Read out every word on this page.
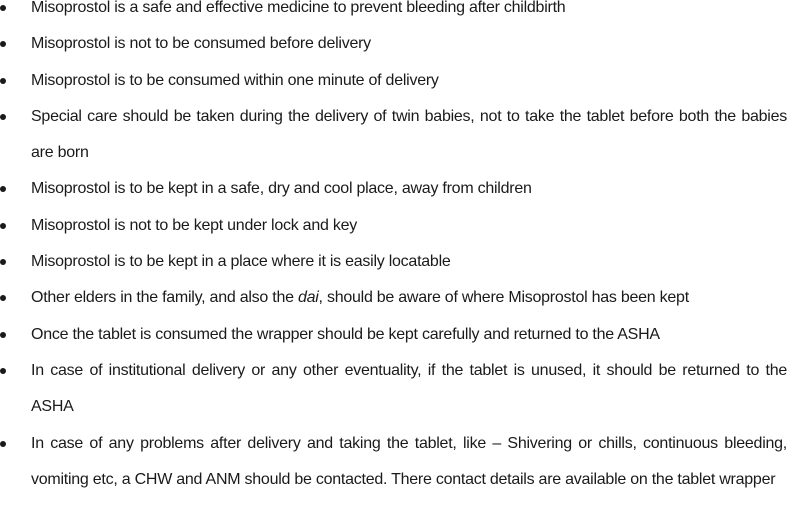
Misoprostol is a safe and effective medicine to prevent bleeding after childbirth
Misoprostol is not to be consumed before delivery
Misoprostol is to be consumed within one minute of delivery
Special care should be taken during the delivery of twin babies, not to take the tablet before both the babies are born
Misoprostol is to be kept in a safe, dry and cool place, away from children
Misoprostol is not to be kept under lock and key
Misoprostol is to be kept in a place where it is easily locatable
Other elders in the family, and also the dai, should be aware of where Misoprostol has been kept
Once the tablet is consumed the wrapper should be kept carefully and returned to the ASHA
In case of institutional delivery or any other eventuality, if the tablet is unused, it should be returned to the ASHA
In case of any problems after delivery and taking the tablet, like – Shivering or chills, continuous bleeding, vomiting etc, a CHW and ANM should be contacted. There contact details are available on the tablet wrapper
